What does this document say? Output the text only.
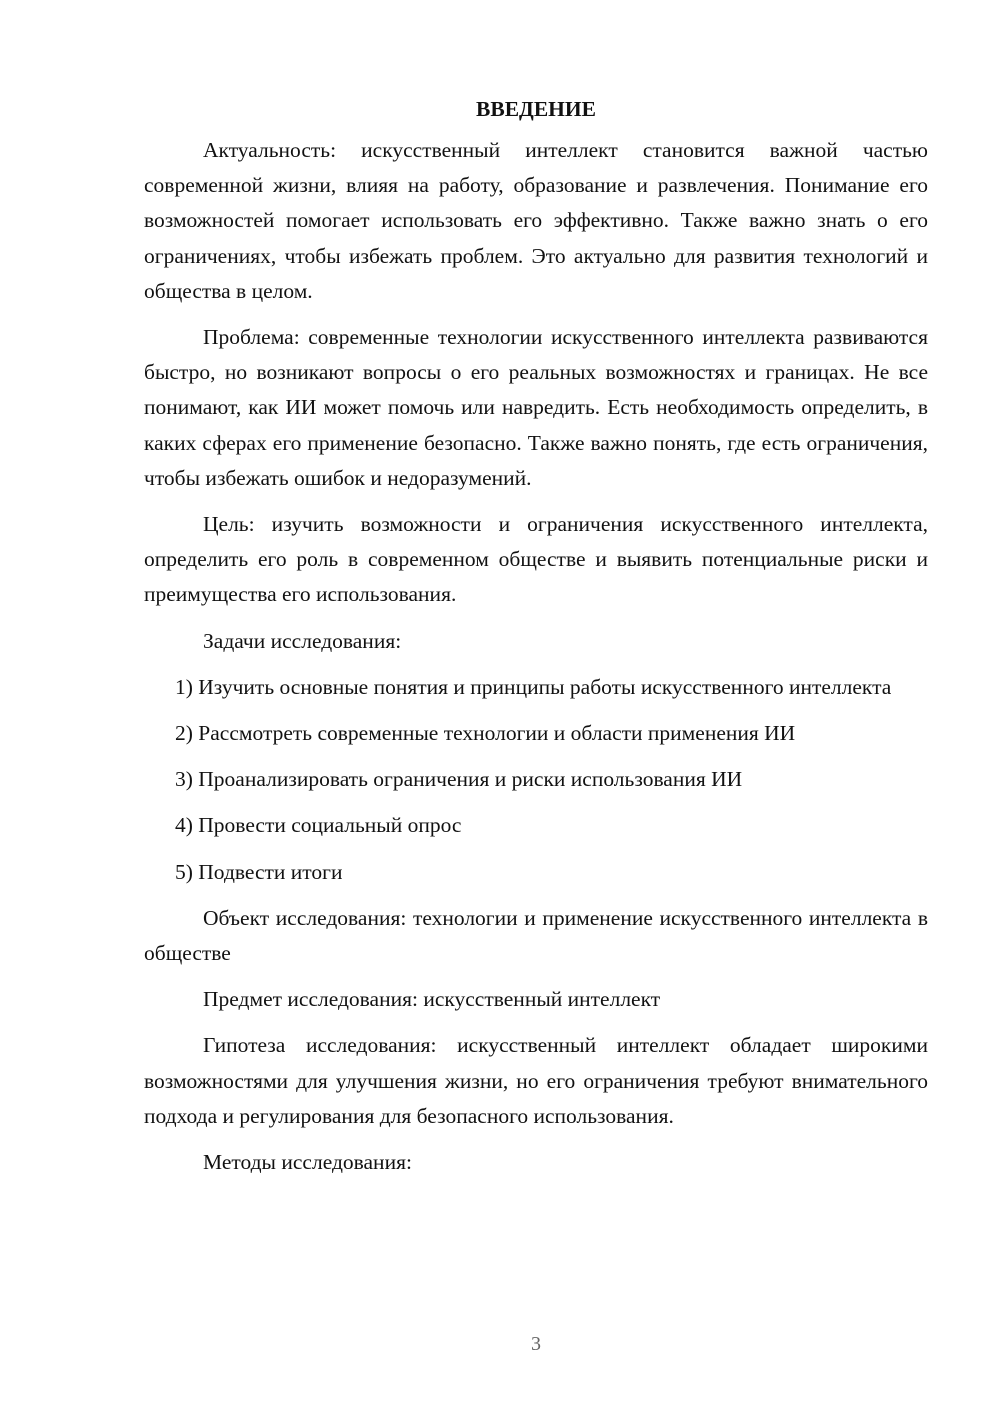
ВВЕДЕНИЕ

Актуальность: искусственный интеллект становится важной частью современной жизни, влияя на работу, образование и развлечения. Понимание его возможностей помогает использовать его эффективно. Также важно знать о его ограничениях, чтобы избежать проблем. Это актуально для развития технологий и общества в целом.

Проблема: современные технологии искусственного интеллекта развиваются быстро, но возникают вопросы о его реальных возможностях и границах. Не все понимают, как ИИ может помочь или навредить. Есть необходимость определить, в каких сферах его применение безопасно. Также важно понять, где есть ограничения, чтобы избежать ошибок и недоразумений.

Цель: изучить возможности и ограничения искусственного интеллекта, определить его роль в современном обществе и выявить потенциальные риски и преимущества его использования.

Задачи исследования:

1) Изучить основные понятия и принципы работы искусственного интеллекта

2) Рассмотреть современные технологии и области применения ИИ

3) Проанализировать ограничения и риски использования ИИ

4) Провести социальный опрос

5) Подвести итоги

Объект исследования: технологии и применение искусственного интеллекта в обществе

Предмет исследования: искусственный интеллект

Гипотеза исследования: искусственный интеллект обладает широкими возможностями для улучшения жизни, но его ограничения требуют внимательного подхода и регулирования для безопасного использования.

Методы исследования:

3
